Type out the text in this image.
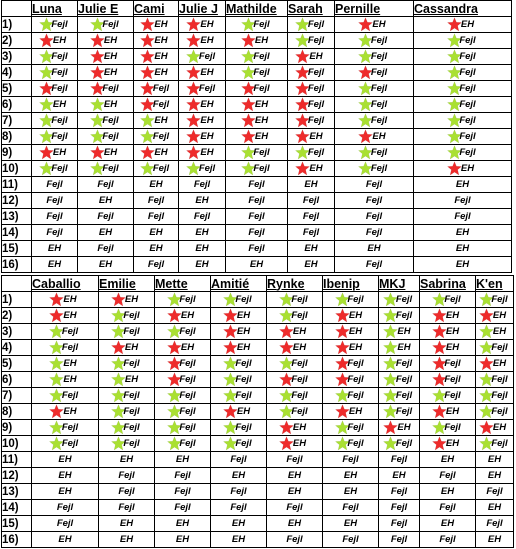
	Luna	Julie E	Cami	Julie J	Mathilde	Sarah	Pernille	Cassandra
1)	Fejl	Fejl	EH	EH	Fejl	Fejl	EH	EH

2)	EH	EH	EH	EH	EH	Fejl	Fejl	Fejl

3)	Fejl	EH	EH	Fejl	Fejl	EH	Fejl	Fejl

4)	Fejl	EH	EH	EH	Fejl	Fejl	Fejl	Fejl

5)	Fejl	Fejl	Fejl	Fejl	Fejl	Fejl	Fejl	Fejl

6)	EH	EH	Fejl	EH	EH	Fejl	Fejl	Fejl

7)	Fejl	Fejl	EH	EH	EH	Fejl	Fejl	Fejl

8)	Fejl	Fejl	Fejl	EH	EH	EH	EH	Fejl

9)	EH	EH	EH	EH	Fejl	Fejl	Fejl	Fejl

10)	Fejl	Fejl	Fejl	Fejl	Fejl	EH	Fejl	EH

11)	Fejl	Fejl	EH	Fejl	Fejl	EH	Fejl	EH

12)	Fejl	EH	Fejl	EH	Fejl	Fejl	Fejl	Fejl

13)	Fejl	Fejl	Fejl	Fejl	Fejl	Fejl	Fejl	Fejl

14)	Fejl	EH	EH	EH	Fejl	Fejl	Fejl	EH

15)	EH	Fejl	EH	EH	Fejl	EH	EH	EH

16)	EH	EH	Fejl	EH	EH	EH	Fejl	EH
	Caballio	Emilie	Mette	Amitié	Rynke	Ibenip	MKJ	Sabrina	K'en
1)	EH	EH	Fejl	Fejl	Fejl	Fejl	Fejl	Fejl	Fejl

2)	EH	Fejl	EH	EH	Fejl	EH	Fejl	EH	EH

3)	Fejl	Fejl	Fejl	EH	EH	EH	EH	EH	EH

4)	Fejl	EH	EH	EH	EH	EH	EH	EH	Fejl

5)	EH	Fejl	Fejl	Fejl	Fejl	Fejl	Fejl	Fejl	EH

6)	EH	EH	Fejl	Fejl	Fejl	Fejl	Fejl	Fejl	Fejl

7)	Fejl	Fejl	Fejl	Fejl	Fejl	Fejl	Fejl	Fejl	Fejl

8)	EH	Fejl	Fejl	EH	Fejl	EH	Fejl	EH	Fejl

9)	Fejl	Fejl	Fejl	Fejl	EH	Fejl	EH	Fejl	EH

10)	Fejl	Fejl	Fejl	Fejl	EH	Fejl	Fejl	EH	Fejl

11)	EH	EH	EH	Fejl	Fejl	Fejl	Fejl	EH	EH

12)	EH	Fejl	Fejl	EH	EH	EH	EH	Fejl	EH

13)	EH	Fejl	Fejl	Fejl	EH	EH	Fejl	EH	Fejl

14)	Fejl	Fejl	Fejl	Fejl	Fejl	Fejl	Fejl	Fejl	EH

15)	Fejl	EH	EH	EH	EH	EH	Fejl	EH	Fejl

16)	EH	EH	EH	EH	Fejl	Fejl	Fejl	Fejl	EH
